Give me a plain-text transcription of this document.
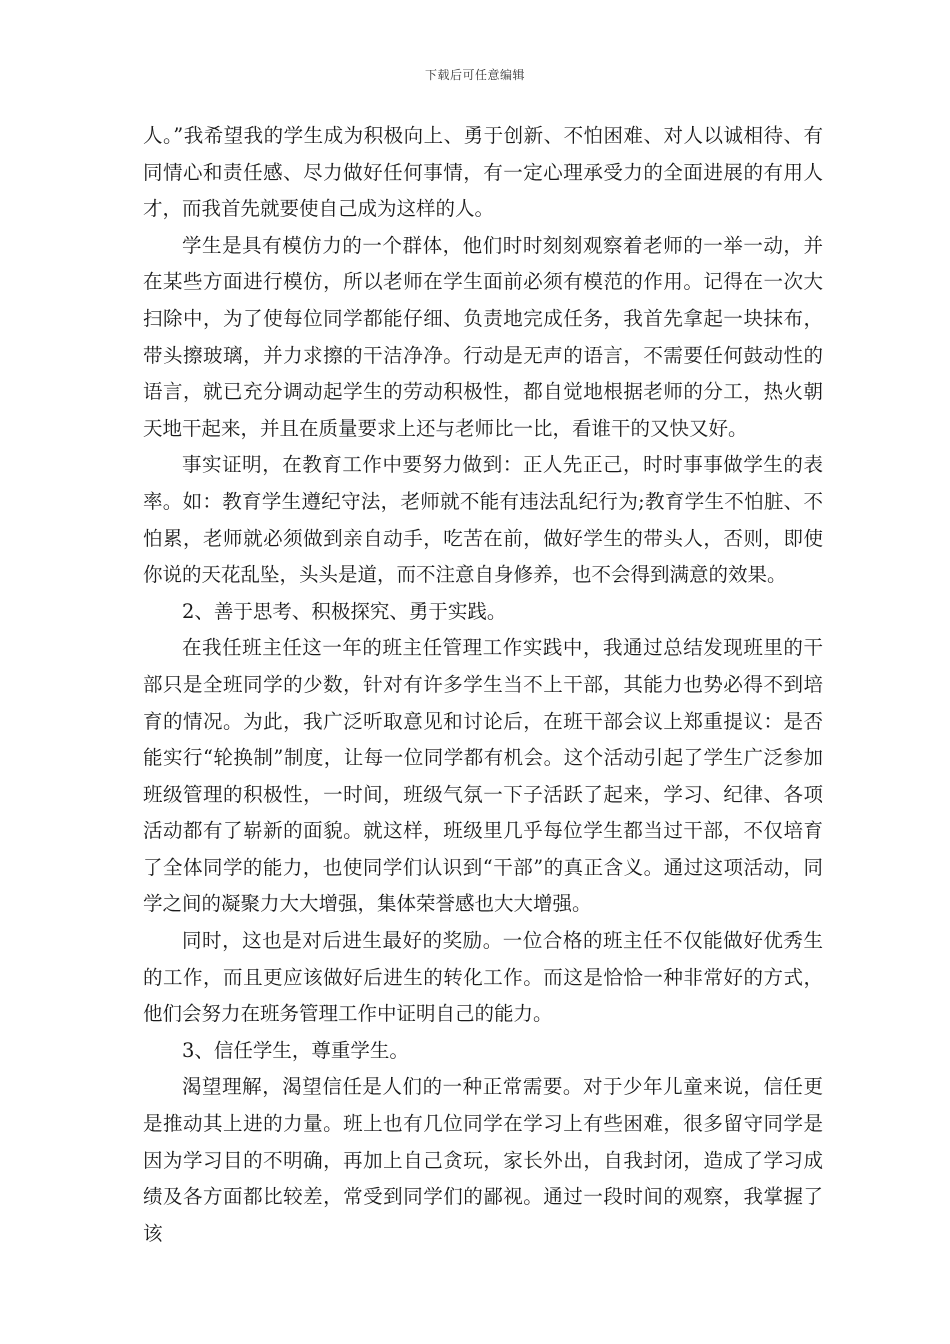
下载后可任意编辑

人。”我希望我的学生成为积极向上、勇于创新、不怕困难、对人以诚相待、有同情心和责任感、尽力做好任何事情，有一定心理承受力的全面进展的有用人才，而我首先就要使自己成为这样的人。

学生是具有模仿力的一个群体，他们时时刻刻观察着老师的一举一动，并在某些方面进行模仿，所以老师在学生面前必须有模范的作用。记得在一次大扫除中，为了使每位同学都能仔细、负责地完成任务，我首先拿起一块抹布，带头擦玻璃，并力求擦的干洁净净。行动是无声的语言，不需要任何鼓动性的语言，就已充分调动起学生的劳动积极性，都自觉地根据老师的分工，热火朝天地干起来，并且在质量要求上还与老师比一比，看谁干的又快又好。

事实证明，在教育工作中要努力做到：正人先正己，时时事事做学生的表率。如：教育学生遵纪守法，老师就不能有违法乱纪行为;教育学生不怕脏、不怕累，老师就必须做到亲自动手，吃苦在前，做好学生的带头人，否则，即使你说的天花乱坠，头头是道，而不注意自身修养，也不会得到满意的效果。

2、善于思考、积极探究、勇于实践。

在我任班主任这一年的班主任管理工作实践中，我通过总结发现班里的干部只是全班同学的少数，针对有许多学生当不上干部，其能力也势必得不到培育的情况。为此，我广泛听取意见和讨论后，在班干部会议上郑重提议：是否能实行“轮换制”制度，让每一位同学都有机会。这个活动引起了学生广泛参加班级管理的积极性，一时间，班级气氛一下子活跃了起来，学习、纪律、各项活动都有了崭新的面貌。就这样，班级里几乎每位学生都当过干部，不仅培育了全体同学的能力，也使同学们认识到“干部”的真正含义。通过这项活动，同学之间的凝聚力大大增强，集体荣誉感也大大增强。

同时，这也是对后进生最好的奖励。一位合格的班主任不仅能做好优秀生的工作，而且更应该做好后进生的转化工作。而这是恰恰一种非常好的方式，他们会努力在班务管理工作中证明自己的能力。

3、信任学生，尊重学生。

渴望理解，渴望信任是人们的一种正常需要。对于少年儿童来说，信任更是推动其上进的力量。班上也有几位同学在学习上有些困难，很多留守同学是因为学习目的不明确，再加上自己贪玩，家长外出，自我封闭，造成了学习成绩及各方面都比较差，常受到同学们的鄙视。通过一段时间的观察，我掌握了该
